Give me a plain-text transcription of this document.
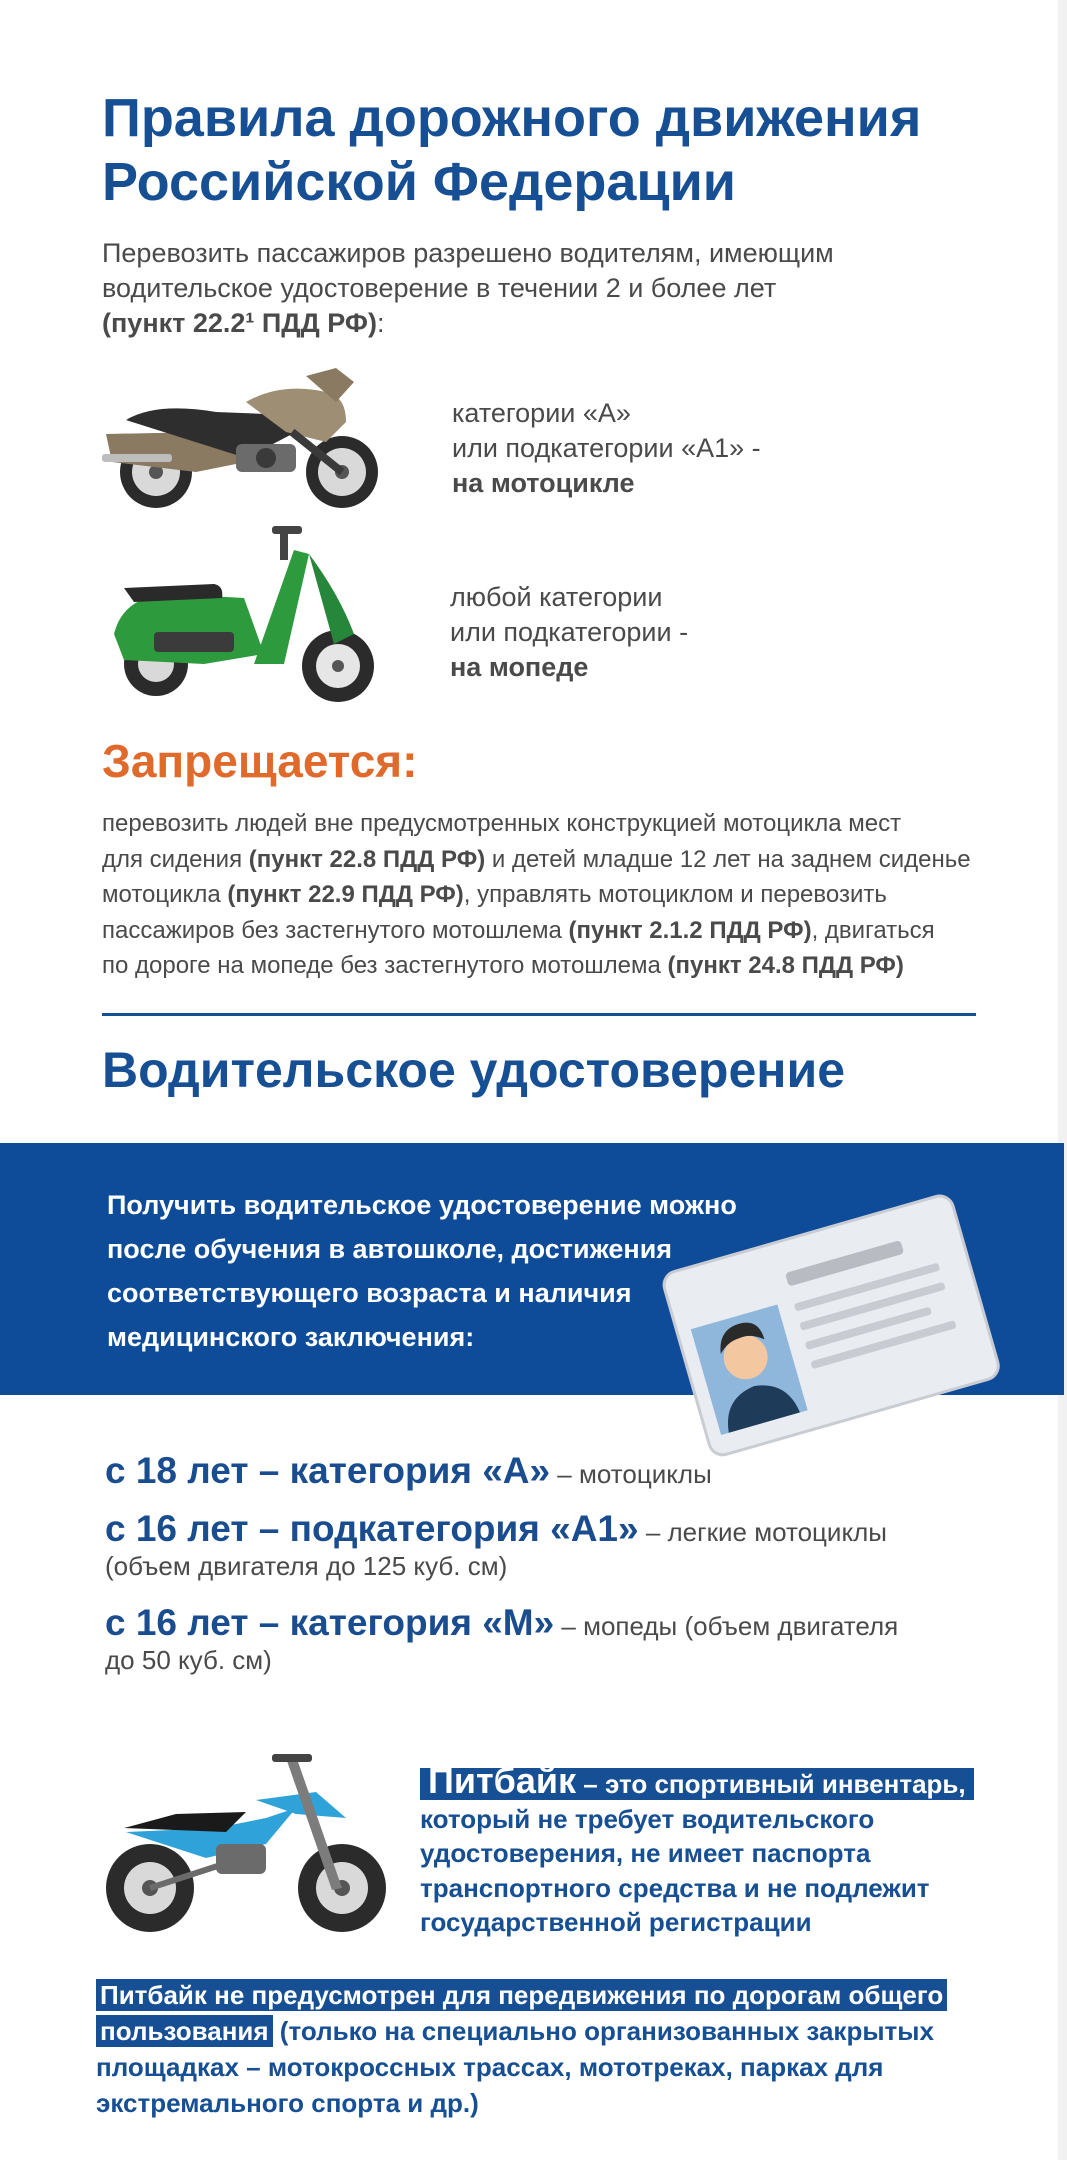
Правила дорожного движения
Российской Федерации
Перевозить пассажиров разрешено водителям, имеющим
водительское удостоверение в течении 2 и более лет
(пункт 22.2¹ ПДД РФ):
категории «А»
или подкатегории «А1» -
на мотоцикле
любой категории
или подкатегории -
на мопеде
Запрещается:
перевозить людей вне предусмотренных конструкцией мотоцикла мест
для сидения (пункт 22.8 ПДД РФ) и детей младше 12 лет на заднем сиденье
мотоцикла (пункт 22.9 ПДД РФ), управлять мотоциклом и перевозить
пассажиров без застегнутого мотошлема (пункт 2.1.2 ПДД РФ), двигаться
по дороге на мопеде без застегнутого мотошлема (пункт 24.8 ПДД РФ)
Водительское удостоверение
Получить водительское удостоверение можно
после обучения в автошколе, достижения
соответствующего возраста и наличия
медицинского заключения:
с 18 лет – категория «А» – мотоциклы
с 16 лет – подкатегория «А1» – легкие мотоциклы
(объем двигателя до 125 куб. см)
с 16 лет – категория «М» – мопеды (объем двигателя
до 50 куб. см)
Питбайк – это спортивный инвентарь,
который не требует водительского
удостоверения, не имеет паспорта
транспортного средства и не подлежит
государственной регистрации
Питбайк не предусмотрен для передвижения по дорогам общего
пользования (только на специально организованных закрытых
площадках – мотокроссных трассах, мототреках, парках для
экстремального спорта и др.)
